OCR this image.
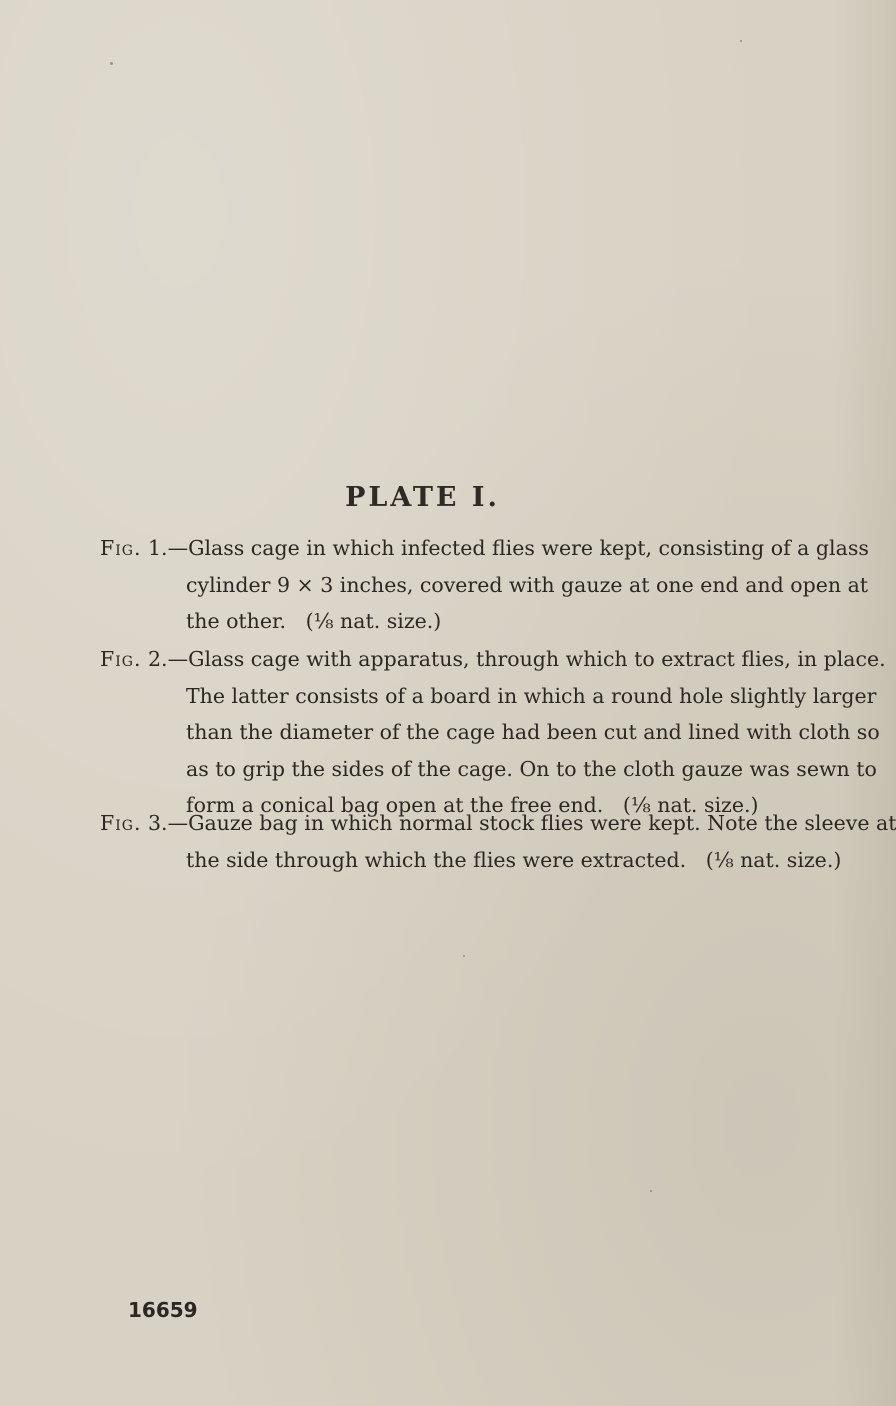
PLATE I.
Fig. 1.—Glass cage in which infected flies were kept, consisting of a glass
cylinder 9 × 3 inches, covered with gauze at one end and open at
the other. (⅛ nat. size.)
Fig. 2.—Glass cage with apparatus, through which to extract flies, in place.
The latter consists of a board in which a round hole slightly larger
than the diameter of the cage had been cut and lined with cloth so
as to grip the sides of the cage. On to the cloth gauze was sewn to
form a conical bag open at the free end. (⅛ nat. size.)
Fig. 3.—Gauze bag in which normal stock flies were kept. Note the sleeve at
the side through which the flies were extracted. (⅛ nat. size.)
16659
